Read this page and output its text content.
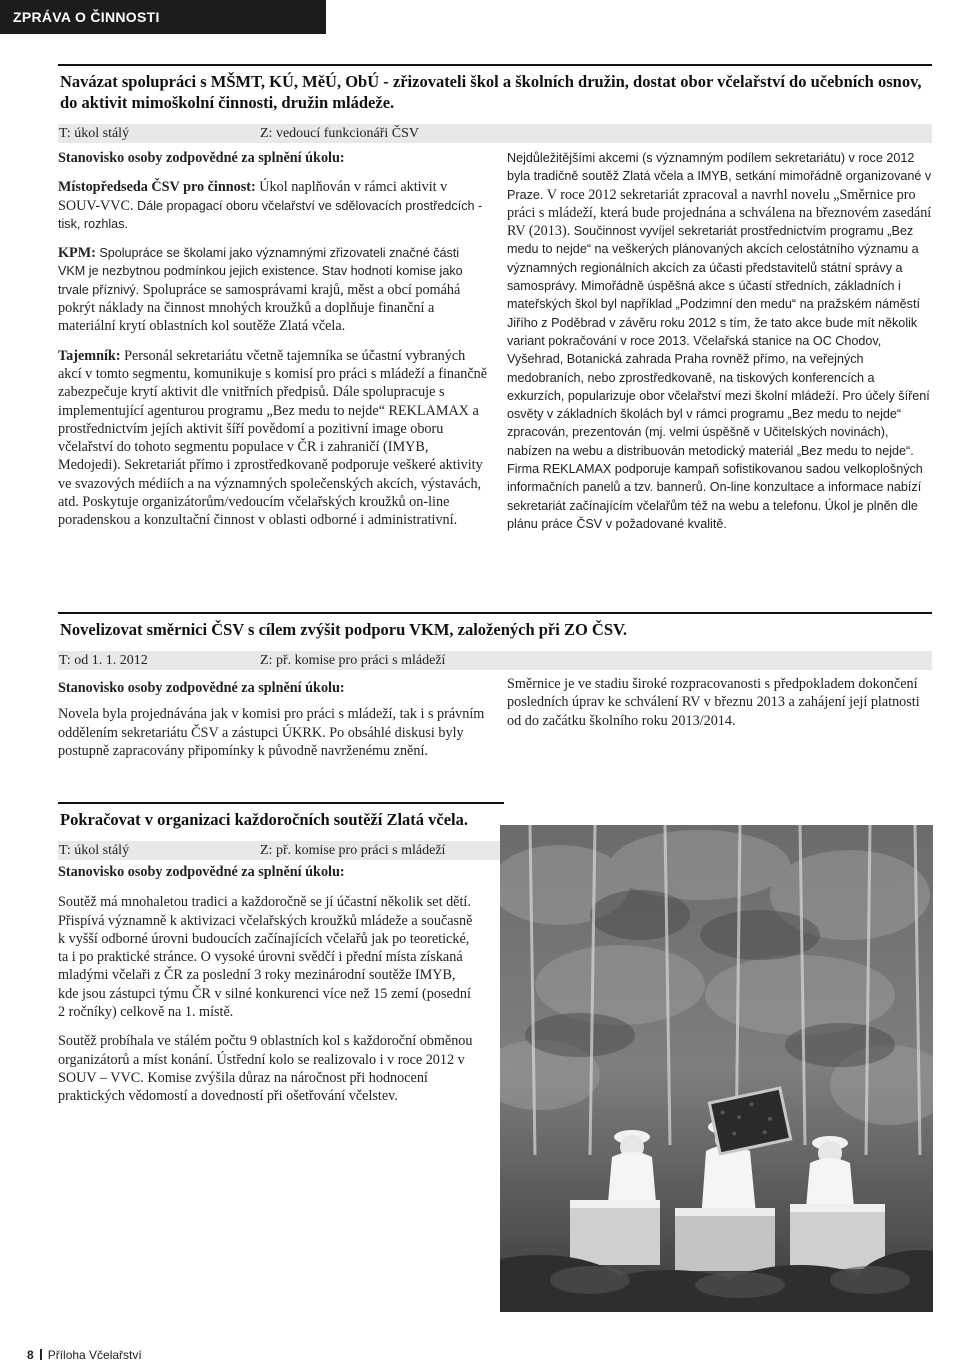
ZPRÁVA O ČINNOSTI
Navázat spolupráci s MŠMT, KÚ, MěÚ, ObÚ - zřizovateli škol a školních družin, dostat obor včelařství do učebních osnov, do aktivit mimoškolní činnosti, družin mládeže.
T: úkol stálý	Z: vedoucí funkcionáři ČSV

Stanovisko osoby zodpovědné za splnění úkolu:

Místopředseda ČSV pro činnost: Úkol naplňován v rámci aktivit v SOUV-VVC. Dále propagací oboru včelařství ve sdělovacích prostředcích - tisk, rozhlas.

KPM: Spolupráce se školami jako významnými zřizovateli značné části VKM je nezbytnou podmínkou jejich existence. Stav hodnotí komise jako trvale příznivý. Spolupráce se samosprávami krajů, měst a obcí pomáhá pokrýt náklady na činnost mnohých kroužků a doplňuje finanční a materiální krytí oblastních kol soutěže Zlatá včela.

Tajemník: Personál sekretariátu včetně tajemníka se účastní vybraných akcí v tomto segmentu, komunikuje s komisí pro práci s mládeží a finančně zabezpečuje krytí aktivit dle vnitřních předpisů. Dále spolupracuje s implementující agenturou programu „Bez medu to nejde“ REKLAMAX a prostřednictvím jejích aktivit šíří povědomí a pozitivní image oboru včelařství do tohoto segmentu populace v ČR i zahraničí (IMYB, Medojedi). Sekretariát přímo i zprostředkovaně podporuje veškeré aktivity ve svazových médiích a na významných společenských akcích, výstavách, atd. Poskytuje organizátorům/vedoucím včelařských kroužků on-line poradenskou a konzultační činnost v oblasti odborné i administrativní.

Nejdůležitějšími akcemi (s významným podílem sekretariátu) v roce 2012 byla tradičně soutěž Zlatá včela a IMYB, setkání mimořádně organizované v Praze. V roce 2012 sekretariát zpracoval a navrhl novelu „Směrnice pro práci s mládeží, která bude projednána a schválena na březnovém zasedání RV (2013). Součinnost vyvíjel sekretariát prostřednictvím programu „Bez medu to nejde“ na veškerých plánovaných akcích celostátního významu a významných regionálních akcích za účasti představitelů státní správy a samosprávy. Mimořádně úspěšná akce s účastí středních, základních i mateřských škol byl například „Podzimní den medu“ na pražském náměstí Jiřího z Poděbrad v závěru roku 2012 s tím, že tato akce bude mít několik variant pokračování v roce 2013. Včelařská stanice na OC Chodov, Vyšehrad, Botanická zahrada Praha rovněž přímo, na veřejných medobraních, nebo zprostředkovaně, na tiskových konferencích a exkurzích, popularizuje obor včelařství mezi školní mládeží. Pro účely šíření osvěty v základních školách byl v rámci programu „Bez medu to nejde“ zpracován, prezentován (mj. velmi úspěšně v Učitelských novinách), nabízen na webu a distribuován metodický materiál „Bez medu to nejde“. Firma REKLAMAX podporuje kampaň sofistikovanou sadou velkoplošných informačních panelů a tzv. bannerů. On-line konzultace a informace nabízí sekretariát začínajícím včelařům též na webu a telefonu. Úkol je plněn dle plánu práce ČSV v požadované kvalitě.

Novelizovat směrnici ČSV s cílem zvýšit podporu VKM, založených při ZO ČSV.
T: od 1. 1. 2012	Z: př. komise pro práci s mládeží

Stanovisko osoby zodpovědné za splnění úkolu:

Novela byla projednávána jak v komisi pro práci s mládeží, tak i s právním oddělením sekretariátu ČSV a zástupci ÚKRK. Po obsáhlé diskusi byly postupně zapracovány připomínky k původně navrženému znění.

Směrnice je ve stadiu široké rozpracovanosti s předpokladem dokončení posledních úprav ke schválení RV v březnu 2013 a zahájení její platnosti od do začátku školního roku 2013/2014.

Pokračovat v organizaci každoročních soutěží Zlatá včela.
T: úkol stálý	Z: př. komise pro práci s mládeží

Stanovisko osoby zodpovědné za splnění úkolu:

Soutěž má mnohaletou tradici a každoročně se jí účastní několik set dětí. Přispívá významně k aktivizaci včelařských kroužků mládeže a současně k vyšší odborné úrovni budoucích začínajících včelařů jak po teoretické, ta i po praktické stránce. O vysoké úrovni svědčí i přední místa získaná mladými včelaři z ČR za poslední 3 roky mezinárodní soutěže IMYB, kde jsou zástupci týmu ČR v silné konkurenci více než 15 zemí (posední 2 ročníky) celkově na 1. místě.

Soutěž probíhala ve stálém počtu 9 oblastních kol s každoroční obměnou organizátorů a míst konání. Ústřední kolo se realizovalo i v roce 2012 v SOUV – VVC. Komise zvýšila důraz na náročnost při hodnocení praktických vědomostí a dovedností při ošetřování včelstev.

8 Příloha Včelařství
